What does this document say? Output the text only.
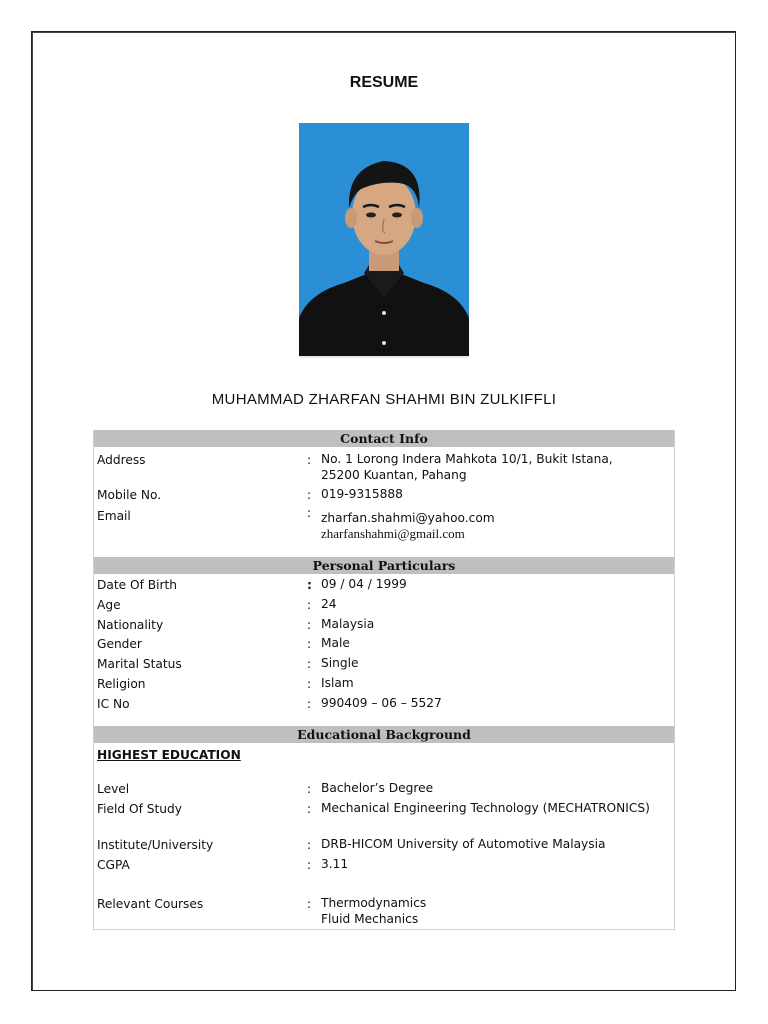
RESUME
MUHAMMAD ZHARFAN SHAHMI BIN ZULKIFFLI
Contact Info
Address	: No. 1 Lorong Indera Mahkota 10/1, Bukit Istana,
25200 Kuantan, Pahang
Mobile No.	: 019-9315888
Email	: zharfan.shahmi@yahoo.com
zharfanshahmi@gmail.com
Personal Particulars
Date Of Birth	: 09 / 04 / 1999
Age	: 24
Nationality	: Malaysia
Gender	: Male
Marital Status	: Single
Religion	: Islam
IC No	: 990409 – 06 – 5527
Educational Background
HIGHEST EDUCATION
Level	: Bachelor’s Degree
Field Of Study	: Mechanical Engineering Technology (MECHATRONICS)
Institute/University	: DRB-HICOM University of Automotive Malaysia
CGPA	: 3.11
Relevant Courses	: Thermodynamics
Fluid Mechanics
